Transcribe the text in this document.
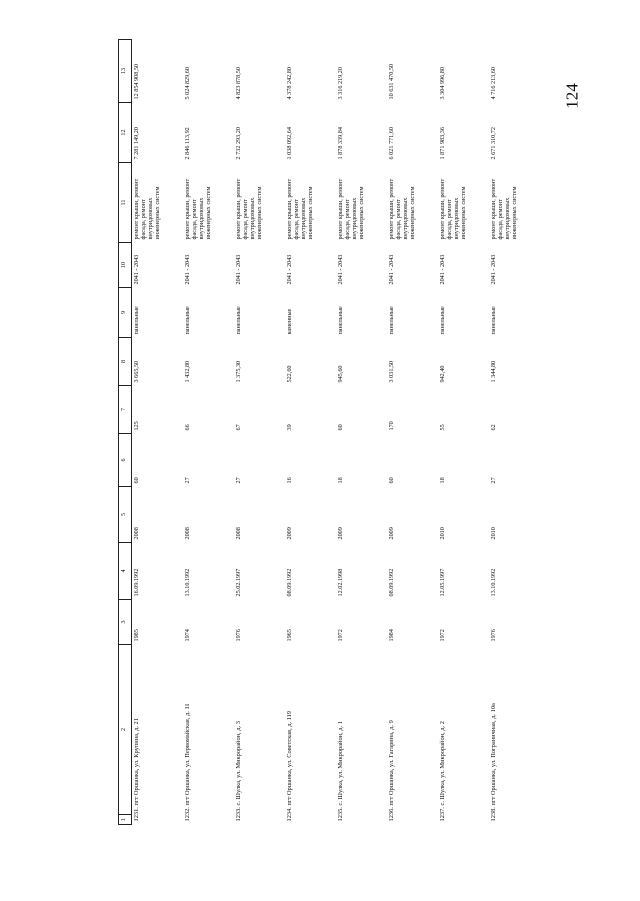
124
1	2	3	4	5	6	7	8	9	10	11	12	13
1231. пгт Оршанка, ул. Крупина, д. 21		1985	16.09.1992	2008	60	125	3 665,50	панельные	2041 - 2043	ремонт крыши, ремонт фасада, ремонт внутридомовых инженерных систем	7 281 149,20	12 854 908,50
1232. пгт Оршанка, ул. Первомайская, д. 11		1974	13.10.1992	2008	27	66	1 432,80	панельные	2041 - 2043	ремонт крыши, ремонт фасада, ремонт внутридомовых инженерных систем	2 846 113,92	5 024 829,60
1233. с. Шулка, ул. Микрорайон, д. 3		1976	25.02.1997	2008	27	67	1 375,30	панельные	2041 - 2043	ремонт крыши, ремонт фасада, ремонт внутридомовых инженерных систем	2 732 293,20	4 823 878,50
1234. пгт Оршанка, ул. Советская, д. 119		1965	08.09.1992	2009	16	39	522,60	каменные	2041 - 2043	ремонт крыши, ремонт фасада, ремонт внутридомовых инженерных систем	1 038 092,64	4 378 242,80
1235. с. Шулка, ул. Микрорайон, д. 1		1972	12.02.1998	2009	18	60	945,60	панельные	2041 - 2043	ремонт крыши, ремонт фасада, ремонт внутридомовых инженерных систем	1 878 339,84	3 316 219,20
1236. пгт Оршанка, ул. Гагарина, д. 9		1984	08.09.1992	2009	60	170	3 031,50	панельные	2041 - 2043	ремонт крыши, ремонт фасада, ремонт внутридомовых инженерных систем	6 021 771,60	10 631 470,50
1237. с. Шулка, ул. Микрорайон, д. 2		1972	12.05.1997	2010	18	55	942,40	панельные	2041 - 2043	ремонт крыши, ремонт фасада, ремонт внутридомовых инженерных систем	1 871 983,36	3 304 996,80
1238. пгт Оршанка, ул. Пограничная, д. 10а		1976	13.10.1992	2010	27	62	1 344,80	панельные	2041 - 2043	ремонт крыши, ремонт фасада, ремонт внутридомовых инженерных систем	2 671 310,72	4 716 213,60
